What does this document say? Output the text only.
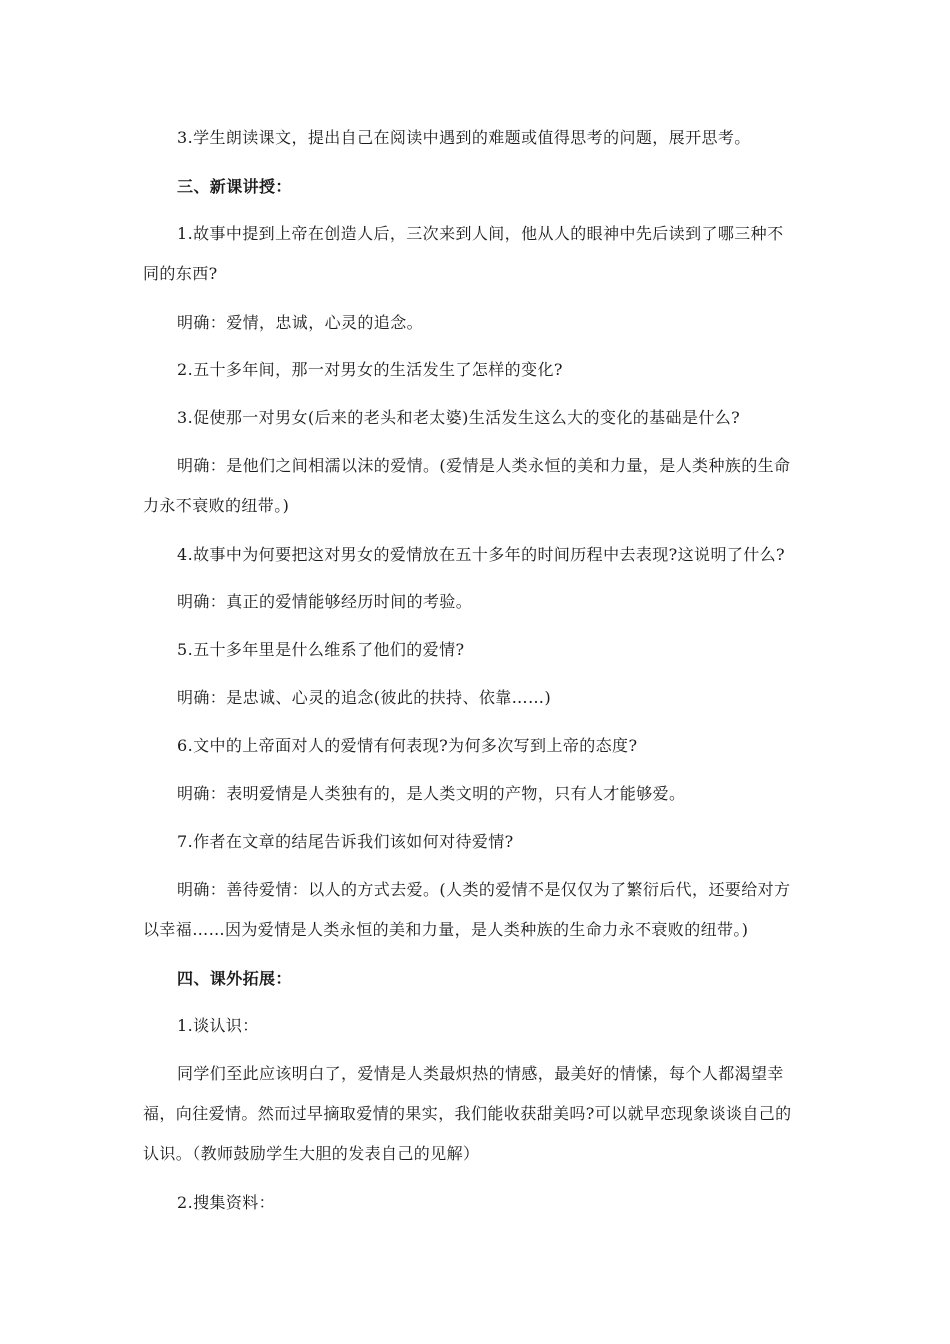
3.学生朗读课文，提出自己在阅读中遇到的难题或值得思考的问题，展开思考。
三、新课讲授：
1.故事中提到上帝在创造人后，三次来到人间，他从人的眼神中先后读到了哪三种不
同的东西?
明确：爱情，忠诚，心灵的追念。
2.五十多年间，那一对男女的生活发生了怎样的变化?
3.促使那一对男女(后来的老头和老太婆)生活发生这么大的变化的基础是什么?
明确：是他们之间相濡以沫的爱情。(爱情是人类永恒的美和力量，是人类种族的生命
力永不衰败的纽带。)
4.故事中为何要把这对男女的爱情放在五十多年的时间历程中去表现?这说明了什么?
明确：真正的爱情能够经历时间的考验。
5.五十多年里是什么维系了他们的爱情?
明确：是忠诚、心灵的追念(彼此的扶持、依靠……)
6.文中的上帝面对人的爱情有何表现?为何多次写到上帝的态度?
明确：表明爱情是人类独有的，是人类文明的产物，只有人才能够爱。
7.作者在文章的结尾告诉我们该如何对待爱情?
明确：善待爱情：以人的方式去爱。(人类的爱情不是仅仅为了繁衍后代，还要给对方
以幸福……因为爱情是人类永恒的美和力量，是人类种族的生命力永不衰败的纽带。)
四、课外拓展：
1.谈认识：
同学们至此应该明白了，爱情是人类最炽热的情感，最美好的情愫，每个人都渴望幸
福，向往爱情。然而过早摘取爱情的果实，我们能收获甜美吗?可以就早恋现象谈谈自己的
认识。（教师鼓励学生大胆的发表自己的见解）
2.搜集资料：
